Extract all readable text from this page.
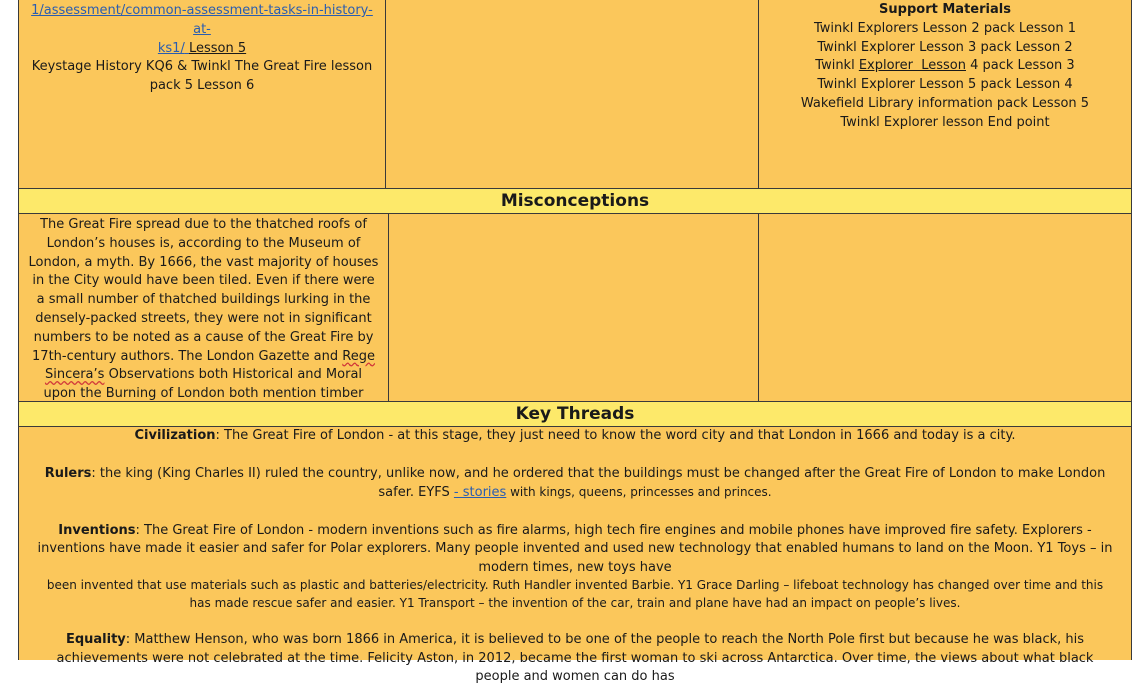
1/assessment/common-assessment-tasks-in-history-at-
ks1/ Lesson 5
Keystage History KQ6 & Twinkl The Great Fire lesson
pack 5 Lesson 6
Support Materials
Twinkl Explorers Lesson 2 pack Lesson 1
Twinkl Explorer Lesson 3 pack Lesson 2
Twinkl Explorer  Lesson 4 pack Lesson 3
Twinkl Explorer Lesson 5 pack Lesson 4
Wakefield Library information pack Lesson 5
Twinkl Explorer lesson End point
Misconceptions
The Great Fire spread due to the thatched roofs of London’s houses is, according to the Museum of London, a myth. By 1666, the vast majority of houses in the City would have been tiled. Even if there were a small number of thatched buildings lurking in the densely-packed streets, they were not in significant numbers to be noted as a cause of the Great Fire by 17th-century authors. The London Gazette and Rege Sincera’s Observations both Historical and Moral upon the Burning of London both mention timber
Key Threads

Civilization: The Great Fire of London - at this stage, they just need to know the word city and that London in 1666 and today is a city.

Rulers: the king (King Charles II) ruled the country, unlike now, and he ordered that the buildings must be changed after the Great Fire of London to make London safer. EYFS - stories with kings, queens, princesses and princes.

Inventions: The Great Fire of London - modern inventions such as fire alarms, high tech fire engines and mobile phones have improved fire safety. Explorers - inventions have made it easier and safer for Polar explorers. Many people invented and used new technology that enabled humans to land on the Moon. Y1 Toys – in modern times, new toys have

been invented that use materials such as plastic and batteries/electricity. Ruth Handler invented Barbie. Y1 Grace Darling – lifeboat technology has changed over time and this has made rescue safer and easier. Y1 Transport – the invention of the car, train and plane have had an impact on people’s lives.

Equality: Matthew Henson, who was born 1866 in America, it is believed to be one of the people to reach the North Pole first but because he was black, his achievements were not celebrated at the time. Felicity Aston, in 2012, became the first woman to ski across Antarctica. Over time, the views about what black people and women can do has
